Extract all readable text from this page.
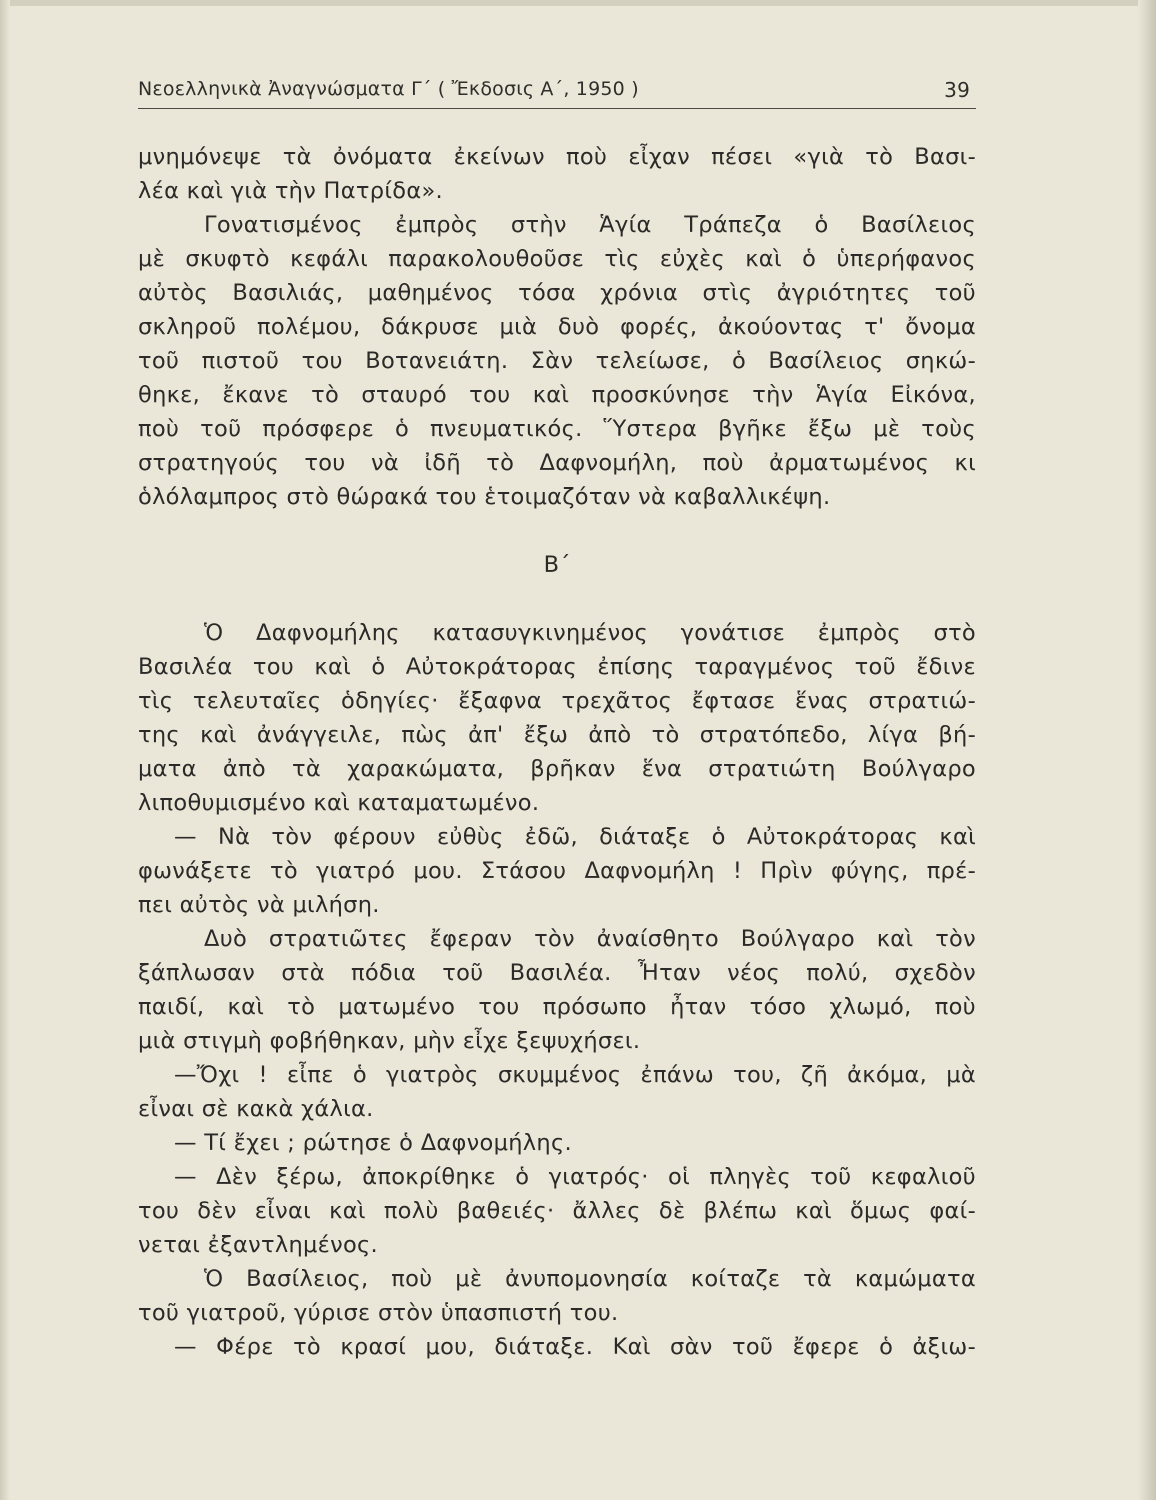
Νεοελληνικὰ Ἀναγνώσματα Γ΄ ( Ἔκδοσις Α΄, 1950 )	39
μνημόνεψε τὰ ὀνόματα ἐκείνων ποὺ εἶχαν πέσει «γιὰ τὸ Βασι-
λέα καὶ γιὰ τὴν Πατρίδα».
Γονατισμένος ἐμπρὸς στὴν Ἁγία Τράπεζα ὁ Βασίλειος
μὲ σκυφτὸ κεφάλι παρακολουθοῦσε τὶς εὐχὲς καὶ ὁ ὑπερήφανος
αὐτὸς Βασιλιάς, μαθημένος τόσα χρόνια στὶς ἀγριότητες τοῦ
σκληροῦ πολέμου, δάκρυσε μιὰ δυὸ φορές, ἀκούοντας τ' ὄνομα
τοῦ πιστοῦ του Βοτανειάτη. Σὰν τελείωσε, ὁ Βασίλειος σηκώ-
θηκε, ἔκανε τὸ σταυρό του καὶ προσκύνησε τὴν Ἁγία Εἰκόνα,
ποὺ τοῦ πρόσφερε ὁ πνευματικός. Ὕστερα βγῆκε ἔξω μὲ τοὺς
στρατηγούς του νὰ ἰδῆ τὸ Δαφνομήλη, ποὺ ἀρματωμένος κι
ὁλόλαμπρος στὸ θώρακά του ἑτοιμαζόταν νὰ καβαλλικέψη.
Β΄
Ὁ Δαφνομήλης κατασυγκινημένος γονάτισε ἐμπρὸς στὸ
Βασιλέα του καὶ ὁ Αὐτοκράτορας ἐπίσης ταραγμένος τοῦ ἔδινε
τὶς τελευταῖες ὁδηγίες· ἔξαφνα τρεχᾶτος ἔφτασε ἕνας στρατιώ-
της καὶ ἀνάγγειλε, πὼς ἀπ' ἔξω ἀπὸ τὸ στρατόπεδο, λίγα βή-
ματα ἀπὸ τὰ χαρακώματα, βρῆκαν ἕνα στρατιώτη Βούλγαρο
λιποθυμισμένο καὶ καταματωμένο.
— Νὰ τὸν φέρουν εὐθὺς ἐδῶ, διάταξε ὁ Αὐτοκράτορας καὶ
φωνάξετε τὸ γιατρό μου. Στάσου Δαφνομήλη ! Πρὶν φύγης, πρέ-
πει αὐτὸς νὰ μιλήση.
Δυὸ στρατιῶτες ἔφεραν τὸν ἀναίσθητο Βούλγαρο καὶ τὸν
ξάπλωσαν στὰ πόδια τοῦ Βασιλέα. Ἦταν νέος πολύ, σχεδὸν
παιδί, καὶ τὸ ματωμένο του πρόσωπο ἦταν τόσο χλωμό, ποὺ
μιὰ στιγμὴ φοβήθηκαν, μὴν εἶχε ξεψυχήσει.
—Ὄχι ! εἶπε ὁ γιατρὸς σκυμμένος ἐπάνω του, ζῆ ἀκόμα, μὰ
εἶναι σὲ κακὰ χάλια.
— Τί ἔχει ; ρώτησε ὁ Δαφνομήλης.
— Δὲν ξέρω, ἀποκρίθηκε ὁ γιατρός· οἱ πληγὲς τοῦ κεφαλιοῦ
του δὲν εἶναι καὶ πολὺ βαθειές· ἄλλες δὲ βλέπω καὶ ὅμως φαί-
νεται ἐξαντλημένος.
Ὁ Βασίλειος, ποὺ μὲ ἀνυπομονησία κοίταζε τὰ καμώματα
τοῦ γιατροῦ, γύρισε στὸν ὑπασπιστή του.
— Φέρε τὸ κρασί μου, διάταξε. Καὶ σὰν τοῦ ἔφερε ὁ ἀξιω-
